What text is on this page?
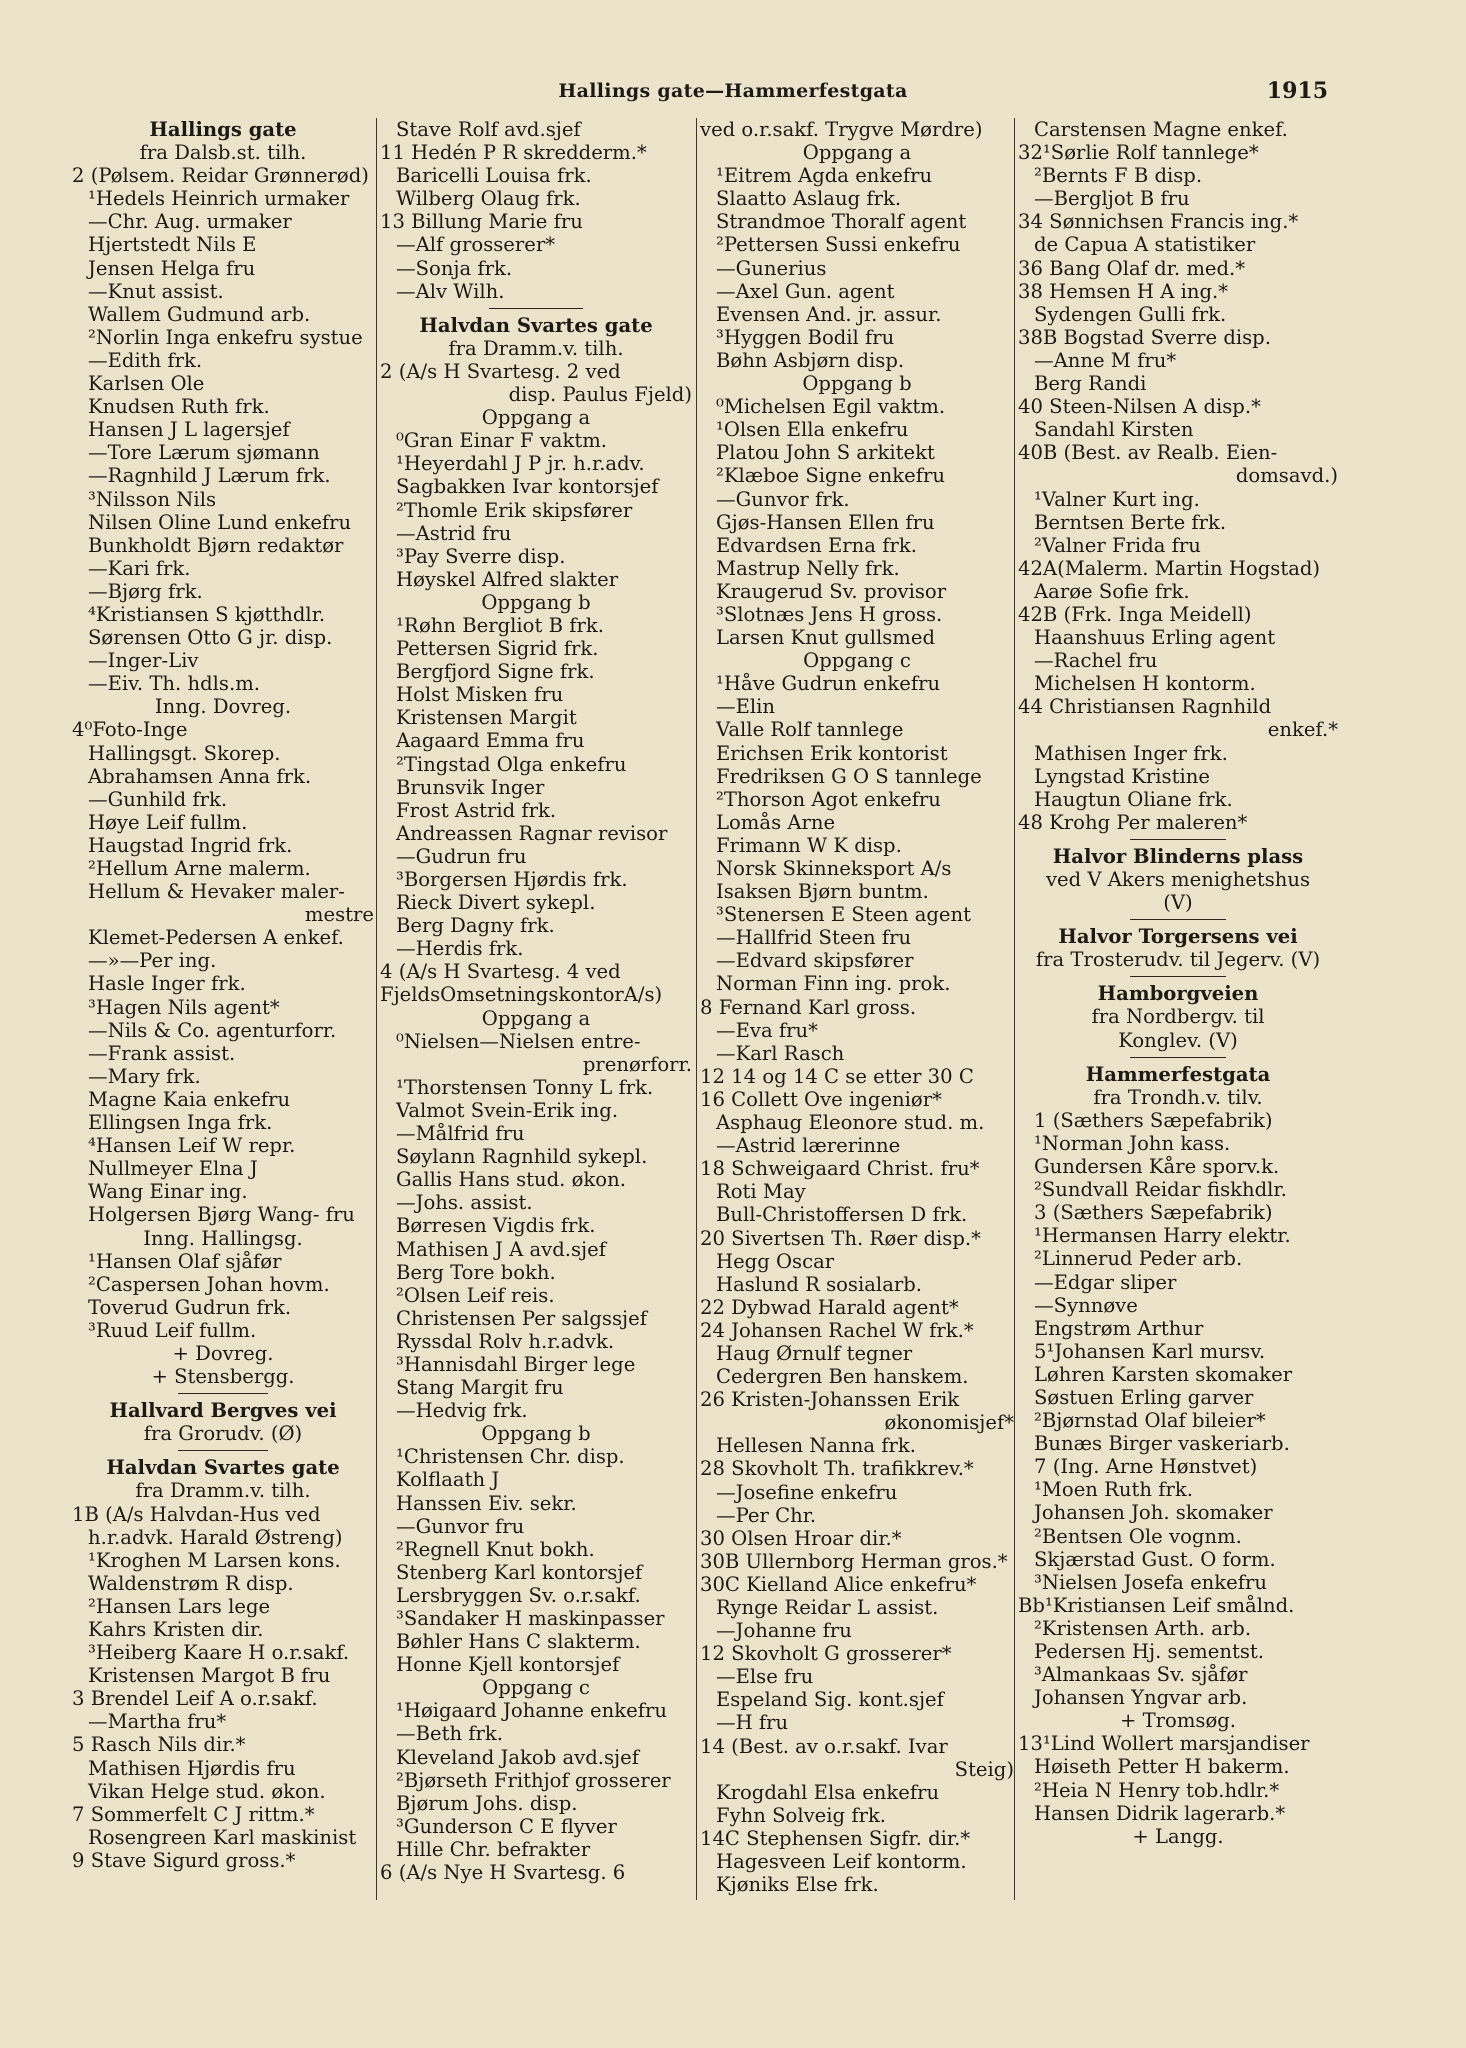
Hallings gate—Hammerfestgata	1915
Hallings gate
fra Dalsb.st. tilh.
2 (Pølsem. Reidar Grønnerød)
¹Hedels Heinrich urmaker
—Chr. Aug. urmaker
Hjertstedt Nils E
Jensen Helga fru
—Knut assist.
Wallem Gudmund arb.
²Norlin Inga enkefru systue
—Edith frk.
Karlsen Ole
Knudsen Ruth frk.
Hansen J L lagersjef
—Tore Lærum sjømann
—Ragnhild J Lærum frk.
³Nilsson Nils
Nilsen Oline Lund enkefru
Bunkholdt Bjørn redaktør
—Kari frk.
—Bjørg frk.
⁴Kristiansen S kjøtthdlr.
Sørensen Otto G jr. disp.
—Inger-Liv
—Eiv. Th. hdls.m.
Inng. Dovreg.
4⁰Foto-Inge
Hallingsgt. Skorep.
Abrahamsen Anna frk.
—Gunhild frk.
Høye Leif fullm.
Haugstad Ingrid frk.
²Hellum Arne malerm.
Hellum & Hevaker maler-
mestre
Klemet-Pedersen A enkef.
—»—Per ing.
Hasle Inger frk.
³Hagen Nils agent*
—Nils & Co. agenturforr.
—Frank assist.
—Mary frk.
Magne Kaia enkefru
Ellingsen Inga frk.
⁴Hansen Leif W repr.
Nullmeyer Elna J
Wang Einar ing.
Holgersen Bjørg Wang- fru
Inng. Hallingsg.
¹Hansen Olaf sjåfør
²Caspersen Johan hovm.
Toverud Gudrun frk.
³Ruud Leif fullm.
+ Dovreg.
+ Stensbergg.
Hallvard Bergves vei
fra Grorudv. (Ø)
Halvdan Svartes gate
fra Dramm.v. tilh.
1B (A/s Halvdan-Hus ved
h.r.advk. Harald Østreng)
¹Kroghen M Larsen kons.
Waldenstrøm R disp.
²Hansen Lars lege
Kahrs Kristen dir.
³Heiberg Kaare H o.r.sakf.
Kristensen Margot B fru
3 Brendel Leif A o.r.sakf.
—Martha fru*
5 Rasch Nils dir.*
Mathisen Hjørdis fru
Vikan Helge stud. økon.
7 Sommerfelt C J rittm.*
Rosengreen Karl maskinist
9 Stave Sigurd gross.*
Stave Rolf avd.sjef
11 Hedén P R skredderm.*
Baricelli Louisa frk.
Wilberg Olaug frk.
13 Billung Marie fru
—Alf grosserer*
—Sonja frk.
—Alv Wilh.
Halvdan Svartes gate
fra Dramm.v. tilh.
2 (A/s H Svartesg. 2 ved
disp. Paulus Fjeld)
Oppgang a
⁰Gran Einar F vaktm.
¹Heyerdahl J P jr. h.r.adv.
Sagbakken Ivar kontorsjef
²Thomle Erik skipsfører
—Astrid fru
³Pay Sverre disp.
Høyskel Alfred slakter
Oppgang b
¹Røhn Bergliot B frk.
Pettersen Sigrid frk.
Bergfjord Signe frk.
Holst Misken fru
Kristensen Margit
Aagaard Emma fru
²Tingstad Olga enkefru
Brunsvik Inger
Frost Astrid frk.
Andreassen Ragnar revisor
—Gudrun fru
³Borgersen Hjørdis frk.
Rieck Divert sykepl.
Berg Dagny frk.
—Herdis frk.
4 (A/s H Svartesg. 4 ved
FjeldsOmsetningskontorA/s)
Oppgang a
⁰Nielsen—Nielsen entre-
prenørforr.
¹Thorstensen Tonny L frk.
Valmot Svein-Erik ing.
—Målfrid fru
Søylann Ragnhild sykepl.
Gallis Hans stud. økon.
—Johs. assist.
Børresen Vigdis frk.
Mathisen J A avd.sjef
Berg Tore bokh.
²Olsen Leif reis.
Christensen Per salgssjef
Ryssdal Rolv h.r.advk.
³Hannisdahl Birger lege
Stang Margit fru
—Hedvig frk.
Oppgang b
¹Christensen Chr. disp.
Kolflaath J
Hanssen Eiv. sekr.
—Gunvor fru
²Regnell Knut bokh.
Stenberg Karl kontorsjef
Lersbryggen Sv. o.r.sakf.
³Sandaker H maskinpasser
Bøhler Hans C slakterm.
Honne Kjell kontorsjef
Oppgang c
¹Høigaard Johanne enkefru
—Beth frk.
Kleveland Jakob avd.sjef
²Bjørseth Frithjof grosserer
Bjørum Johs. disp.
³Gunderson C E flyver
Hille Chr. befrakter
6 (A/s Nye H Svartesg. 6
ved o.r.sakf. Trygve Mørdre)
Oppgang a
¹Eitrem Agda enkefru
Slaatto Aslaug frk.
Strandmoe Thoralf agent
²Pettersen Sussi enkefru
—Gunerius
—Axel Gun. agent
Evensen And. jr. assur.
³Hyggen Bodil fru
Bøhn Asbjørn disp.
Oppgang b
⁰Michelsen Egil vaktm.
¹Olsen Ella enkefru
Platou John S arkitekt
²Klæboe Signe enkefru
—Gunvor frk.
Gjøs-Hansen Ellen fru
Edvardsen Erna frk.
Mastrup Nelly frk.
Kraugerud Sv. provisor
³Slotnæs Jens H gross.
Larsen Knut gullsmed
Oppgang c
¹Håve Gudrun enkefru
—Elin
Valle Rolf tannlege
Erichsen Erik kontorist
Fredriksen G O S tannlege
²Thorson Agot enkefru
Lomås Arne
Frimann W K disp.
Norsk Skinneksport A/s
Isaksen Bjørn buntm.
³Stenersen E Steen agent
—Hallfrid Steen fru
—Edvard skipsfører
Norman Finn ing. prok.
8 Fernand Karl gross.
—Eva fru*
—Karl Rasch
12 14 og 14 C se etter 30 C
16 Collett Ove ingeniør*
Asphaug Eleonore stud. m.
—Astrid lærerinne
18 Schweigaard Christ. fru*
Roti May
Bull-Christoffersen D frk.
20 Sivertsen Th. Røer disp.*
Hegg Oscar
Haslund R sosialarb.
22 Dybwad Harald agent*
24 Johansen Rachel W frk.*
Haug Ørnulf tegner
Cedergren Ben hanskem.
26 Kristen-Johanssen Erik
økonomisjef*
Hellesen Nanna frk.
28 Skovholt Th. trafikkrev.*
—Josefine enkefru
—Per Chr.
30 Olsen Hroar dir.*
30B Ullernborg Herman gros.*
30C Kielland Alice enkefru*
Rynge Reidar L assist.
—Johanne fru
12 Skovholt G grosserer*
—Else fru
Espeland Sig. kont.sjef
—H fru
14 (Best. av o.r.sakf. Ivar
Steig)
Krogdahl Elsa enkefru
Fyhn Solveig frk.
14C Stephensen Sigfr. dir.*
Hagesveen Leif kontorm.
Kjøniks Else frk.
Carstensen Magne enkef.
32¹Sørlie Rolf tannlege*
²Bernts F B disp.
—Bergljot B fru
34 Sønnichsen Francis ing.*
de Capua A statistiker
36 Bang Olaf dr. med.*
38 Hemsen H A ing.*
Sydengen Gulli frk.
38B Bogstad Sverre disp.
—Anne M fru*
Berg Randi
40 Steen-Nilsen A disp.*
Sandahl Kirsten
40B (Best. av Realb. Eien-
domsavd.)
¹Valner Kurt ing.
Berntsen Berte frk.
²Valner Frida fru
42A(Malerm. Martin Hogstad)
Aarøe Sofie frk.
42B (Frk. Inga Meidell)
Haanshuus Erling agent
—Rachel fru
Michelsen H kontorm.
44 Christiansen Ragnhild
enkef.*
Mathisen Inger frk.
Lyngstad Kristine
Haugtun Oliane frk.
48 Krohg Per maleren*
Halvor Blinderns plass
ved V Akers menighetshus
(V)
Halvor Torgersens vei
fra Trosterudv. til Jegerv. (V)
Hamborgveien
fra Nordbergv. til
Konglev. (V)
Hammerfestgata
fra Trondh.v. tilv.
1 (Sæthers Sæpefabrik)
¹Norman John kass.
Gundersen Kåre sporv.k.
²Sundvall Reidar fiskhdlr.
3 (Sæthers Sæpefabrik)
¹Hermansen Harry elektr.
²Linnerud Peder arb.
—Edgar sliper
—Synnøve
Engstrøm Arthur
5¹Johansen Karl mursv.
Løhren Karsten skomaker
Søstuen Erling garver
²Bjørnstad Olaf bileier*
Bunæs Birger vaskeriarb.
7 (Ing. Arne Hønstvet)
¹Moen Ruth frk.
Johansen Joh. skomaker
²Bentsen Ole vognm.
Skjærstad Gust. O form.
³Nielsen Josefa enkefru
Bb¹Kristiansen Leif smålnd.
²Kristensen Arth. arb.
Pedersen Hj. sementst.
³Almankaas Sv. sjåfør
Johansen Yngvar arb.
+ Tromsøg.
13¹Lind Wollert marsjandiser
Høiseth Petter H bakerm.
²Heia N Henry tob.hdlr.*
Hansen Didrik lagerarb.*
+ Langg.
